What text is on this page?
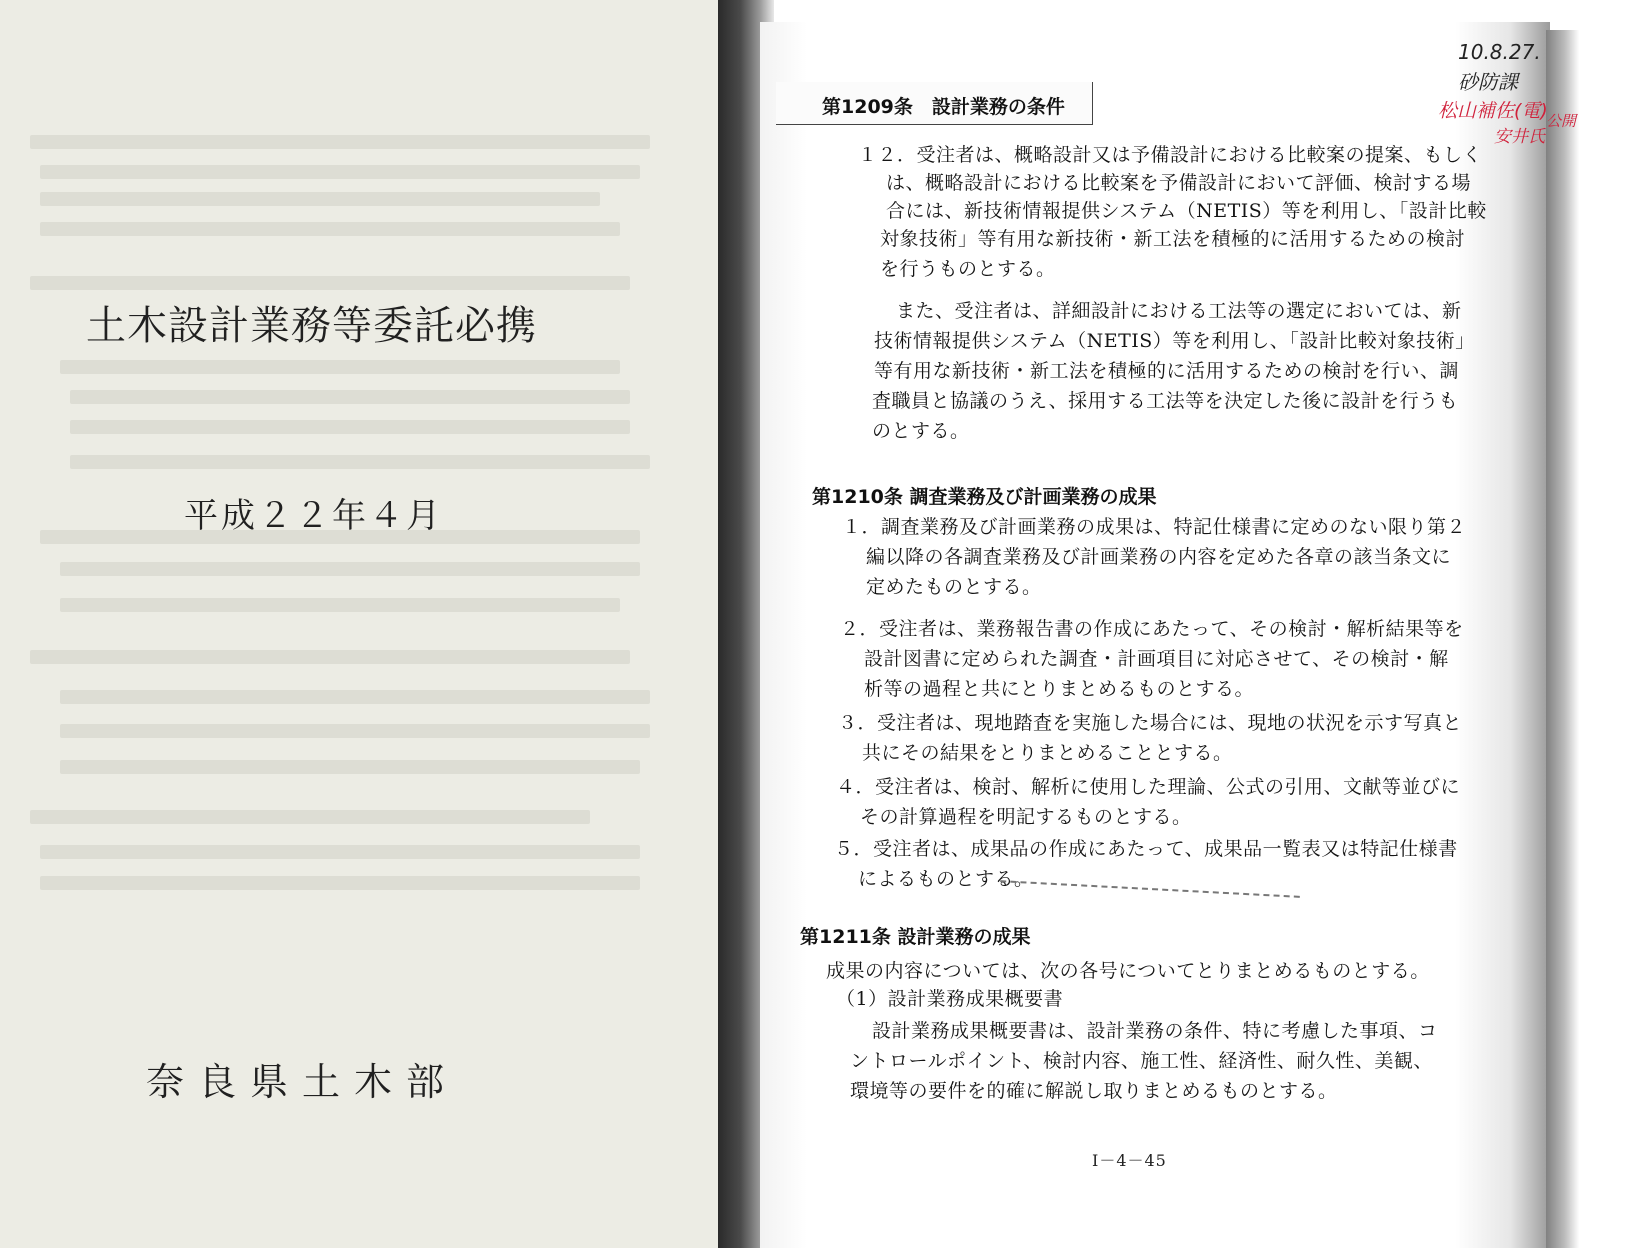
土木設計業務等委託必携
平成２２年４月
奈良県土木部
第1209条　設計業務の条件
１２．受注者は、概略設計又は予備設計における比較案の提案、もしく
は、概略設計における比較案を予備設計において評価、検討する場
合には、新技術情報提供システム（NETIS）等を利用し、「設計比較
対象技術」等有用な新技術・新工法を積極的に活用するための検討
を行うものとする。
また、受注者は、詳細設計における工法等の選定においては、新
技術情報提供システム（NETIS）等を利用し、「設計比較対象技術」
等有用な新技術・新工法を積極的に活用するための検討を行い、調
査職員と協議のうえ、採用する工法等を決定した後に設計を行うも
のとする。
第1210条 調査業務及び計画業務の成果
１．調査業務及び計画業務の成果は、特記仕様書に定めのない限り第２
編以降の各調査業務及び計画業務の内容を定めた各章の該当条文に
定めたものとする。
２．受注者は、業務報告書の作成にあたって、その検討・解析結果等を
設計図書に定められた調査・計画項目に対応させて、その検討・解
析等の過程と共にとりまとめるものとする。
３．受注者は、現地踏査を実施した場合には、現地の状況を示す写真と
共にその結果をとりまとめることとする。
４．受注者は、検討、解析に使用した理論、公式の引用、文献等並びに
その計算過程を明記するものとする。
５．受注者は、成果品の作成にあたって、成果品一覧表又は特記仕様書
によるものとする。
第1211条 設計業務の成果
成果の内容については、次の各号についてとりまとめるものとする。
（1）設計業務成果概要書
設計業務成果概要書は、設計業務の条件、特に考慮した事項、コ
ントロールポイント、検討内容、施工性、経済性、耐久性、美観、
環境等の要件を的確に解説し取りまとめるものとする。
Ⅰ－4－45
10.8.27.
砂防課
松山補佐(電)
安井氏
公開
